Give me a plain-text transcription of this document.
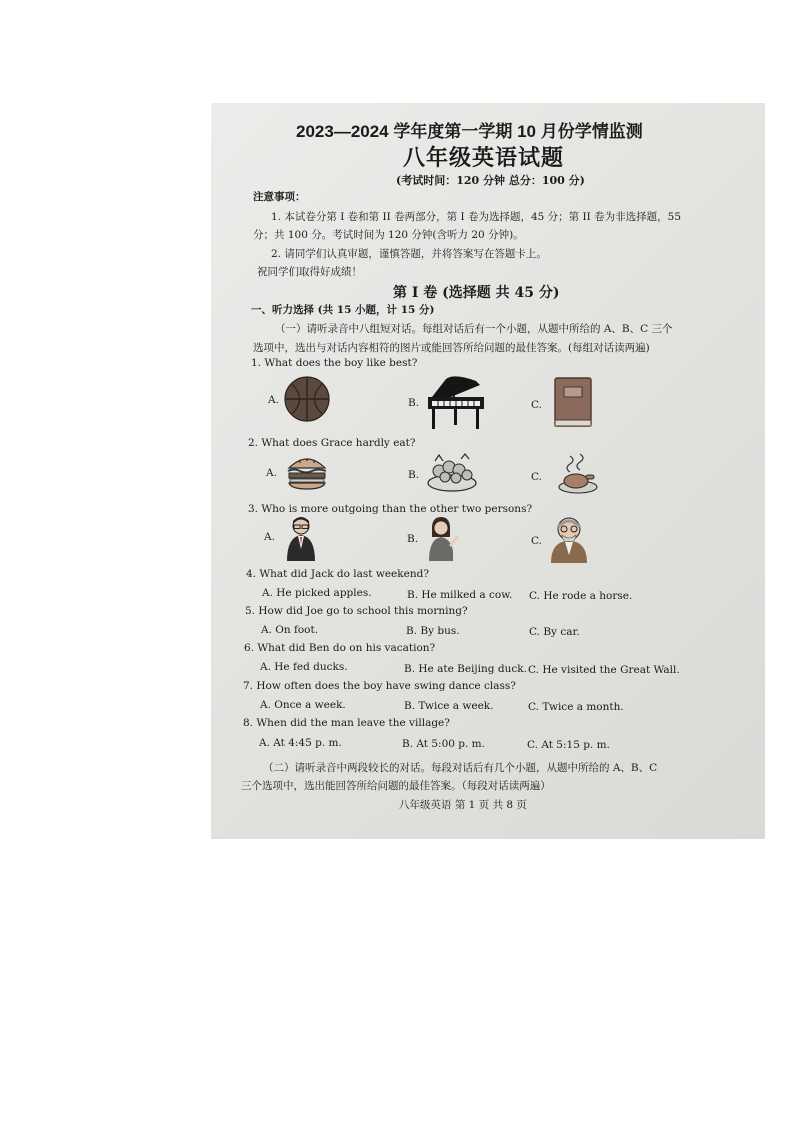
2023—2024 学年度第一学期 10 月份学情监测
八年级英语试题
(考试时间：120 分钟 总分：100 分)
注意事项：
1. 本试卷分第 I 卷和第 II 卷两部分，第 I 卷为选择题，45 分；第 II 卷为非选择题，55
分；共 100 分。考试时间为 120 分钟(含听力 20 分钟)。
2. 请同学们认真审题，谨慎答题，并将答案写在答题卡上。
祝同学们取得好成绩！
第 I 卷 (选择题 共 45 分)
一、听力选择 (共 15 小题，计 15 分)
（一）请听录音中八组短对话。每组对话后有一个小题，从题中所给的 A、B、C 三个
选项中，选出与对话内容相符的图片或能回答所给问题的最佳答案。(每组对话读两遍)
1. What does the boy like best?
A.	B.	C.
2. What does Grace hardly eat?
A.	B.	C.
3. Who is more outgoing than the other two persons?
A.	B.	C.
4. What did Jack do last weekend?
A. He picked apples.	B. He milked a cow. C. He rode a horse.
5. How did Joe go to school this morning?
A. On foot.	B. By bus.	C. By car.
6. What did Ben do on his vacation?
A. He fed ducks.	B. He ate Beijing duck. C. He visited the Great Wall.
7. How often does the boy have swing dance class?
A. Once a week.	B. Twice a week.	C. Twice a month.
8. When did the man leave the village?
A. At 4:45 p. m.	B. At 5:00 p. m.	C. At 5:15 p. m.
（二）请听录音中两段较长的对话。每段对话后有几个小题，从题中所给的 A、B、C
三个选项中，选出能回答所给问题的最佳答案。（每段对话读两遍）
八年级英语 第 1 页 共 8 页
